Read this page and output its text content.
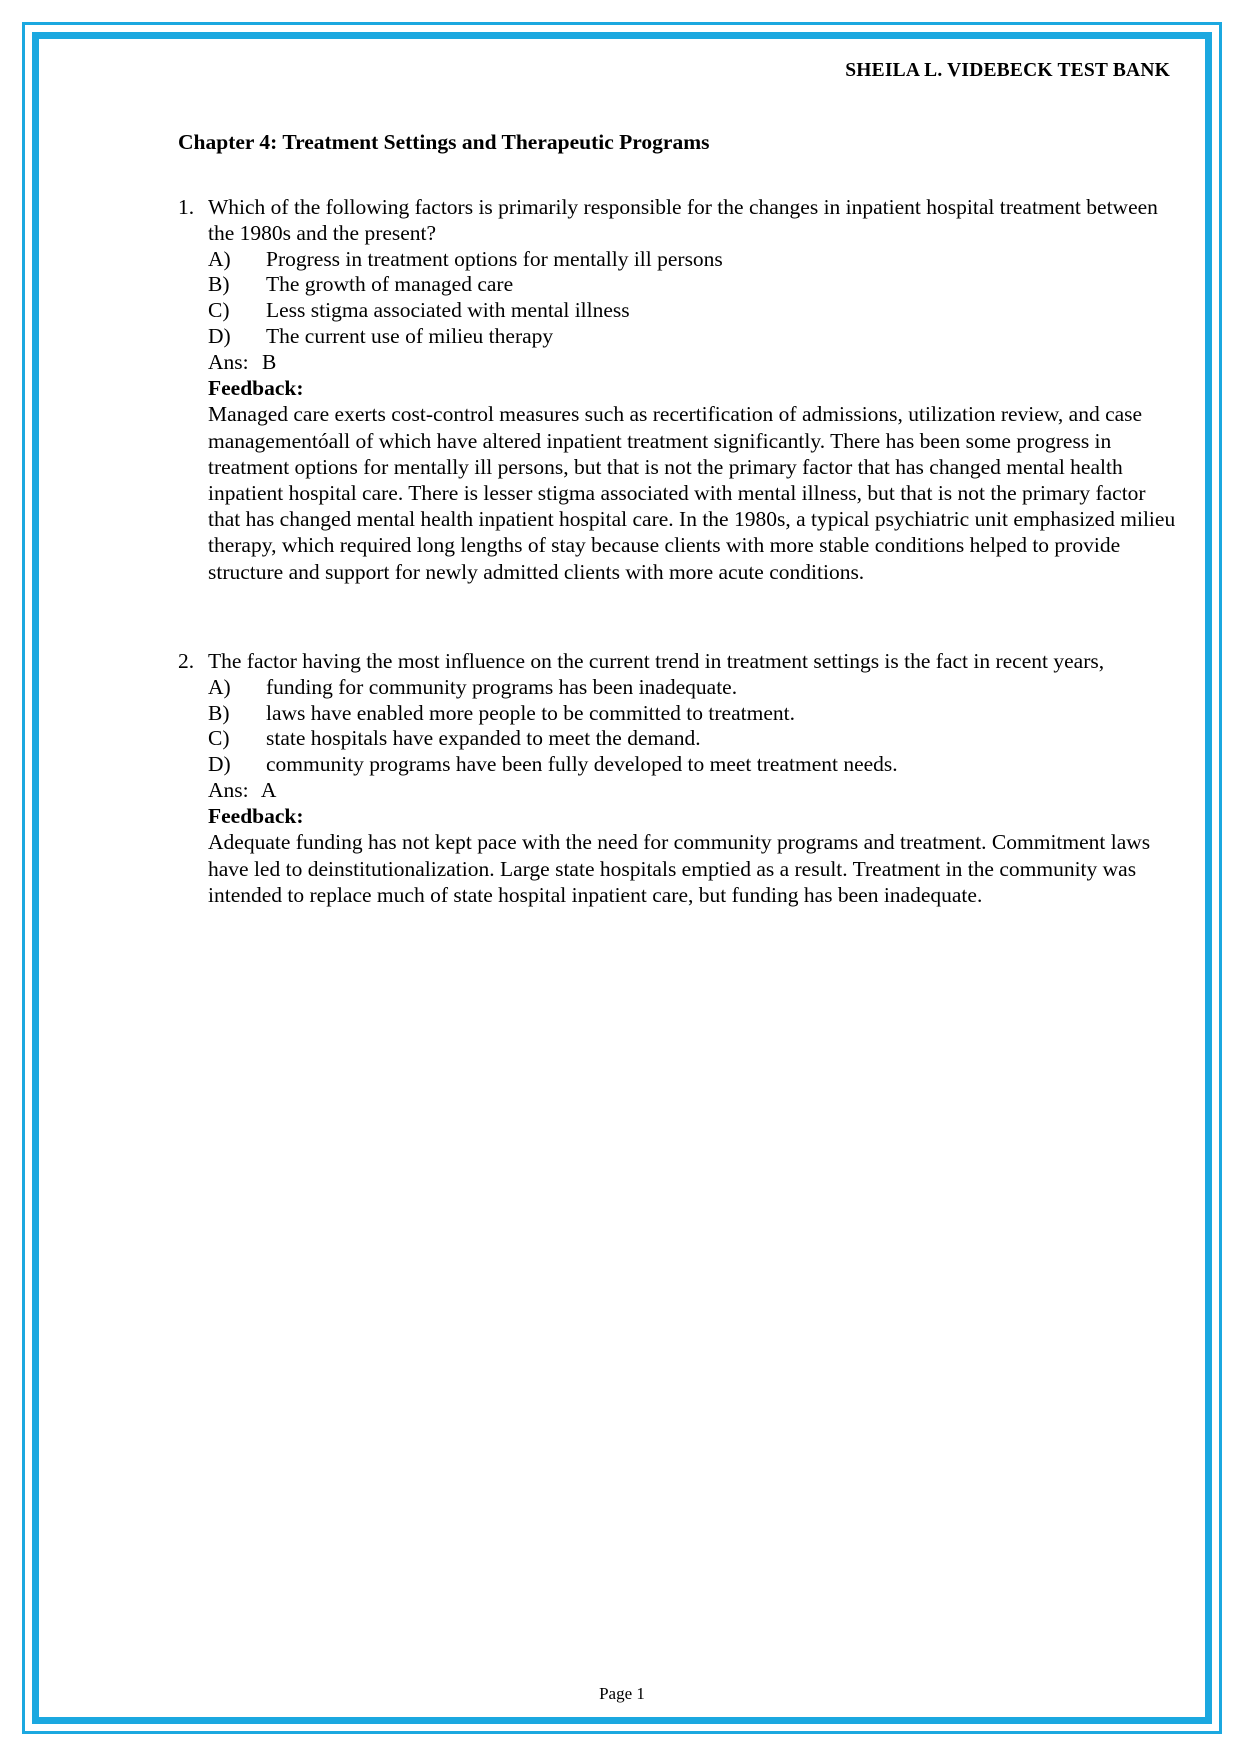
SHEILA L. VIDEBECK TEST BANK
Chapter 4: Treatment Settings and Therapeutic Programs
1. Which of the following factors is primarily responsible for the changes in inpatient hospital treatment between the 1980s and the present?
A)	Progress in treatment options for mentally ill persons
B)	The growth of managed care
C)	Less stigma associated with mental illness
D)	The current use of milieu therapy
Ans: B
Feedback:
Managed care exerts cost-control measures such as recertification of admissions, utilization review, and case managementóall of which have altered inpatient treatment significantly. There has been some progress in treatment options for mentally ill persons, but that is not the primary factor that has changed mental health inpatient hospital care. There is lesser stigma associated with mental illness, but that is not the primary factor that has changed mental health inpatient hospital care. In the 1980s, a typical psychiatric unit emphasized milieu therapy, which required long lengths of stay because clients with more stable conditions helped to provide structure and support for newly admitted clients with more acute conditions.
2. The factor having the most influence on the current trend in treatment settings is the fact in recent years,
A)	funding for community programs has been inadequate.
B)	laws have enabled more people to be committed to treatment.
C)	state hospitals have expanded to meet the demand.
D)	community programs have been fully developed to meet treatment needs.
Ans: A
Feedback:
Adequate funding has not kept pace with the need for community programs and treatment. Commitment laws have led to deinstitutionalization. Large state hospitals emptied as a result. Treatment in the community was intended to replace much of state hospital inpatient care, but funding has been inadequate.
Page 1
